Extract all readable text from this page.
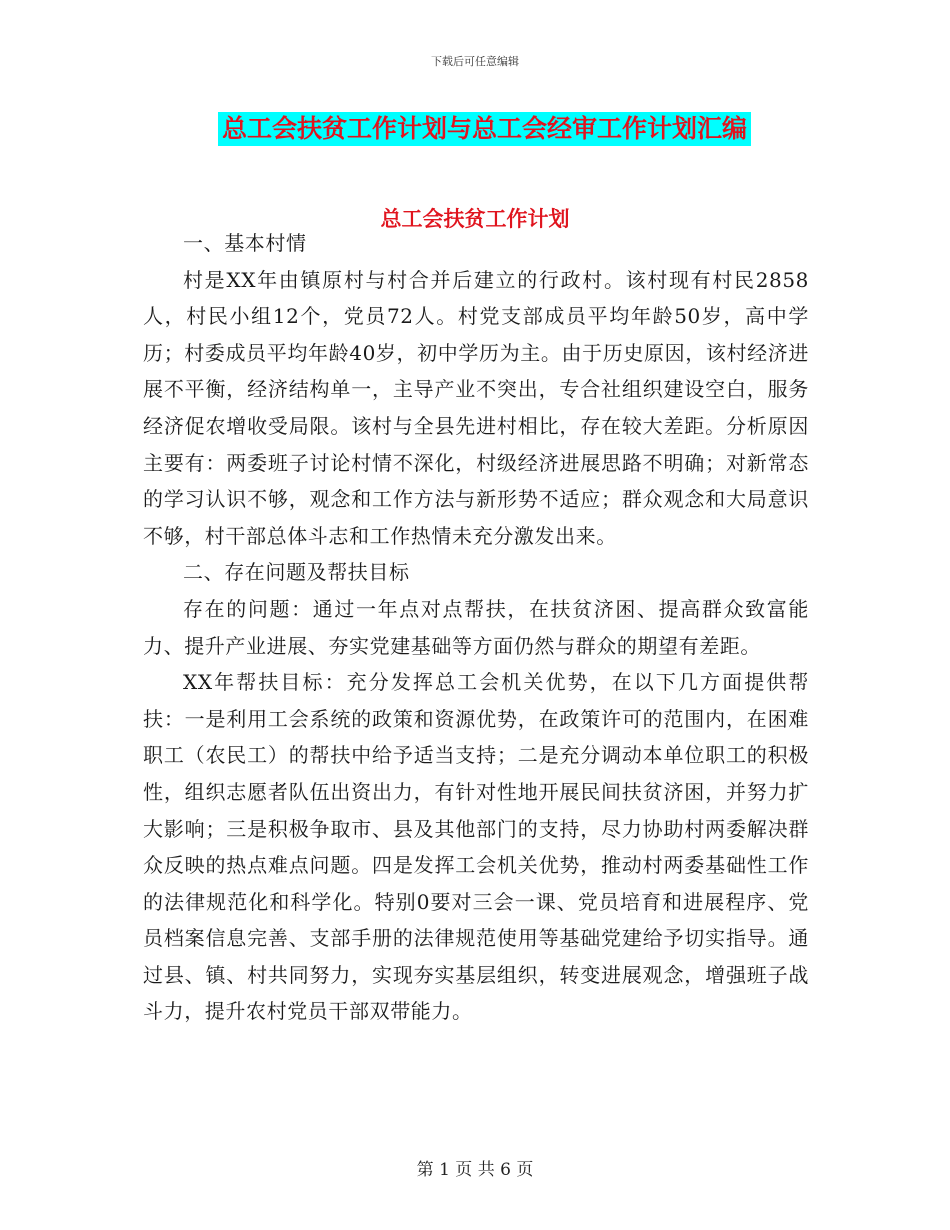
下载后可任意编辑
总工会扶贫工作计划与总工会经审工作计划汇编
总工会扶贫工作计划

一、基本村情

村是XX年由镇原村与村合并后建立的行政村。该村现有村民2858人，村民小组12个，党员72人。村党支部成员平均年龄50岁，高中学历；村委成员平均年龄40岁，初中学历为主。由于历史原因，该村经济进展不平衡，经济结构单一，主导产业不突出，专合社组织建设空白，服务经济促农增收受局限。该村与全县先进村相比，存在较大差距。分析原因主要有：两委班子讨论村情不深化，村级经济进展思路不明确；对新常态的学习认识不够，观念和工作方法与新形势不适应；群众观念和大局意识不够，村干部总体斗志和工作热情未充分激发出来。

二、存在问题及帮扶目标

存在的问题：通过一年点对点帮扶，在扶贫济困、提高群众致富能力、提升产业进展、夯实党建基础等方面仍然与群众的期望有差距。

XX年帮扶目标：充分发挥总工会机关优势，在以下几方面提供帮扶：一是利用工会系统的政策和资源优势，在政策许可的范围内，在困难职工（农民工）的帮扶中给予适当支持；二是充分调动本单位职工的积极性，组织志愿者队伍出资出力，有针对性地开展民间扶贫济困，并努力扩大影响；三是积极争取市、县及其他部门的支持，尽力协助村两委解决群众反映的热点难点问题。四是发挥工会机关优势，推动村两委基础性工作的法律规范化和科学化。特别0要对三会一课、党员培育和进展程序、党员档案信息完善、支部手册的法律规范使用等基础党建给予切实指导。通过县、镇、村共同努力，实现夯实基层组织，转变进展观念，增强班子战斗力，提升农村党员干部双带能力。

第 1 页 共 6 页
